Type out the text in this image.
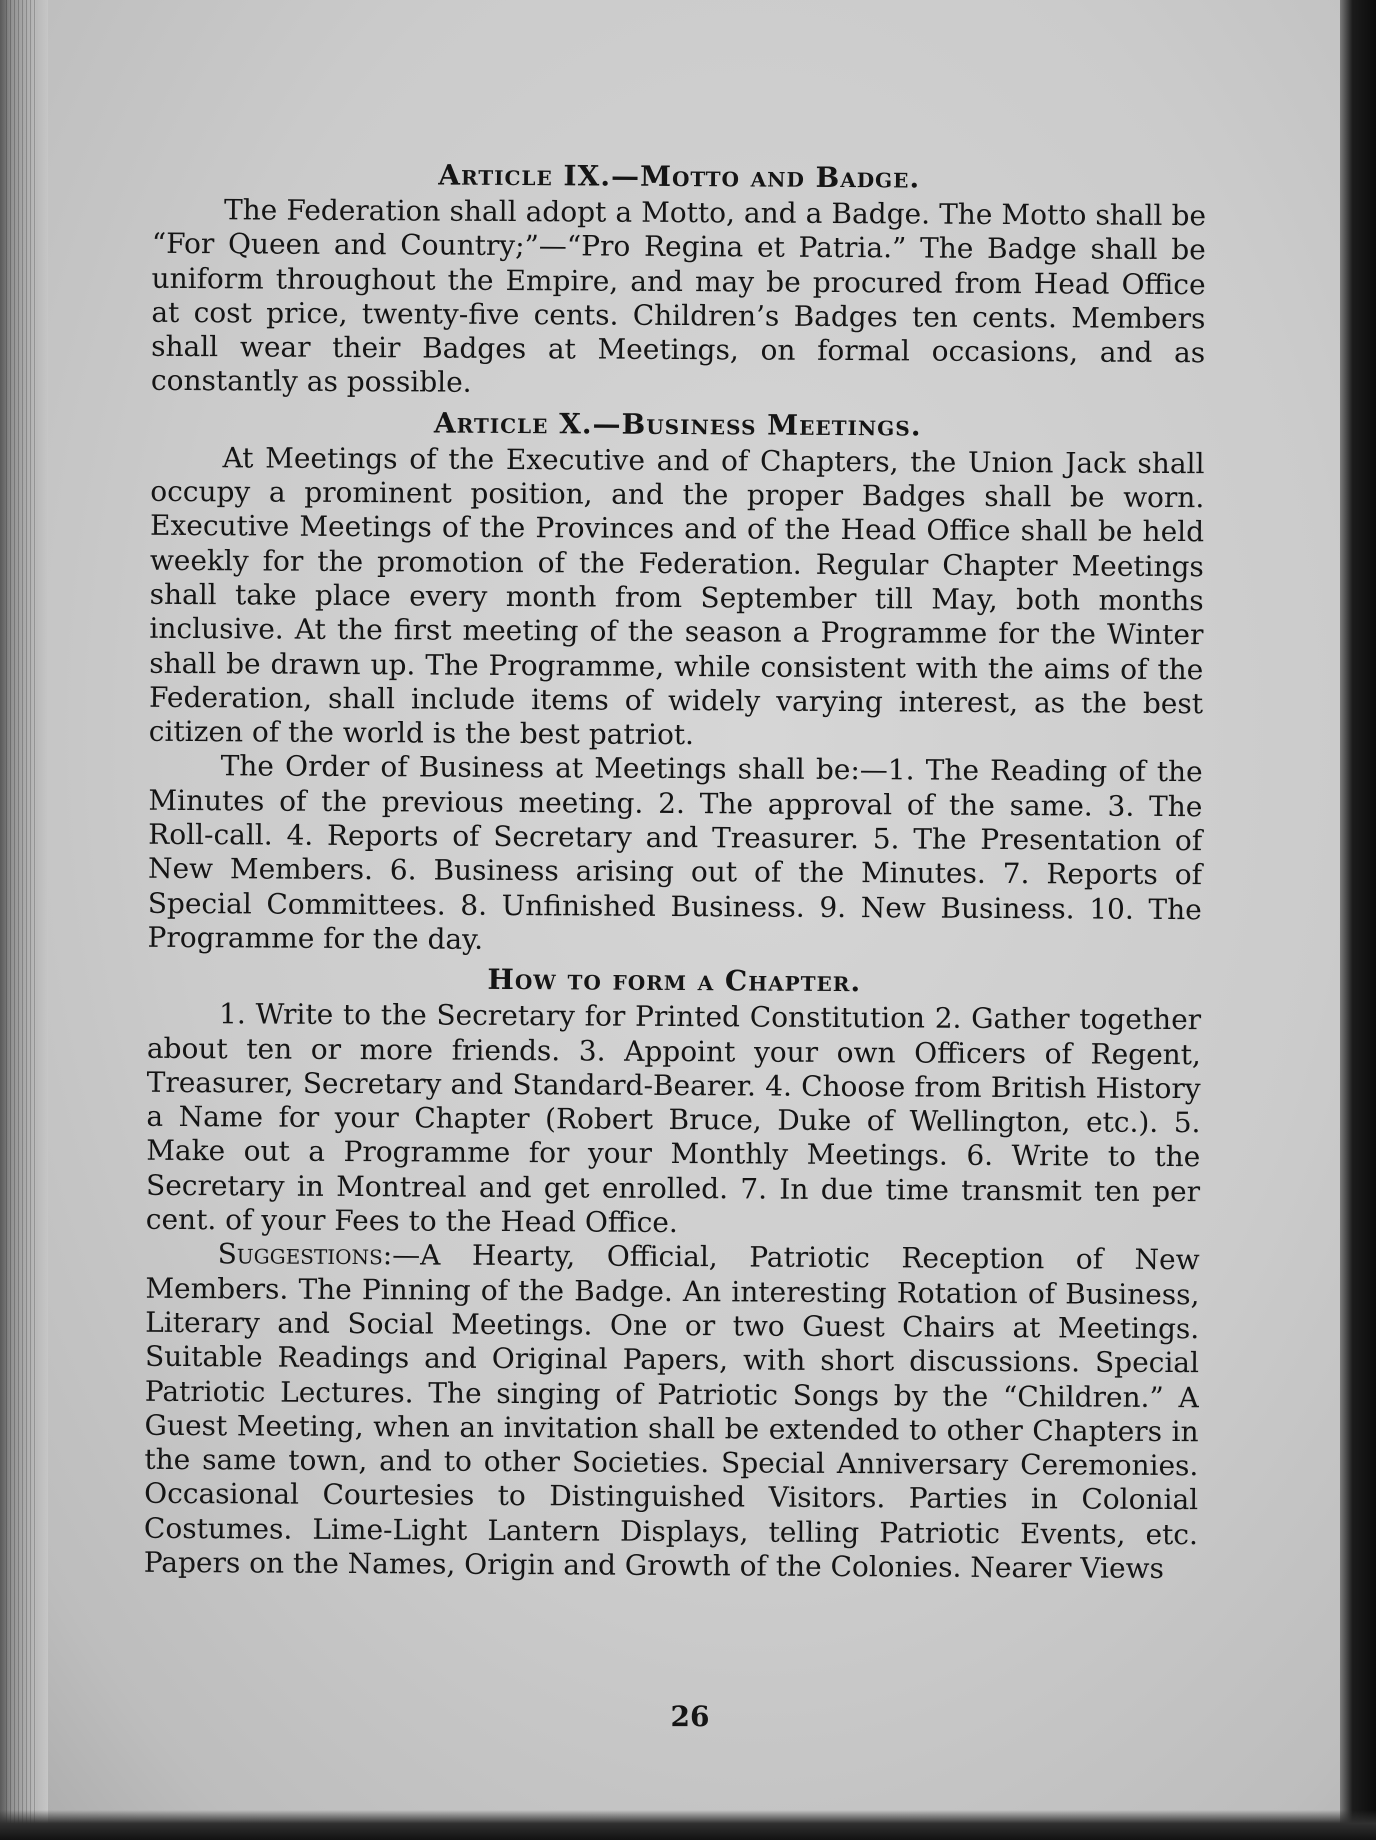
Article IX.—Motto and Badge.

The Federation shall adopt a Motto, and a Badge. The Motto shall be “For Queen and Country;”—“Pro Regina et Patria.” The Badge shall be uniform throughout the Empire, and may be procured from Head Office at cost price, twenty-five cents. Children’s Badges ten cents. Members shall wear their Badges at Meetings, on formal occasions, and as constantly as possible.

Article X.—Business Meetings.

At Meetings of the Executive and of Chapters, the Union Jack shall occupy a prominent position, and the proper Badges shall be worn. Executive Meetings of the Provinces and of the Head Office shall be held weekly for the promotion of the Federation. Regular Chapter Meetings shall take place every month from September till May, both months inclusive. At the first meeting of the season a Programme for the Winter shall be drawn up. The Programme, while consistent with the aims of the Federation, shall include items of widely varying interest, as the best citizen of the world is the best patriot.

The Order of Business at Meetings shall be:—1. The Reading of the Minutes of the previous meeting. 2. The approval of the same. 3. The Roll-call. 4. Reports of Secretary and Treasurer. 5. The Presentation of New Members. 6. Business arising out of the Minutes. 7. Reports of Special Committees. 8. Unfinished Business. 9. New Business. 10. The Programme for the day.

How to form a Chapter.

1. Write to the Secretary for Printed Constitution 2. Gather together about ten or more friends. 3. Appoint your own Officers of Regent, Treasurer, Secretary and Standard-Bearer. 4. Choose from British History a Name for your Chapter (Robert Bruce, Duke of Wellington, etc.). 5. Make out a Programme for your Monthly Meetings. 6. Write to the Secretary in Montreal and get enrolled. 7. In due time transmit ten per cent. of your Fees to the Head Office.

Suggestions:—A Hearty, Official, Patriotic Reception of New Members. The Pinning of the Badge. An interesting Rotation of Business, Literary and Social Meetings. One or two Guest Chairs at Meetings. Suitable Readings and Original Papers, with short discussions. Special Patriotic Lectures. The singing of Patriotic Songs by the “Children.” A Guest Meeting, when an invitation shall be extended to other Chapters in the same town, and to other Societies. Special Anniversary Ceremonies. Occasional Courtesies to Distinguished Visitors. Parties in Colonial Costumes. Lime-Light Lantern Displays, telling Patriotic Events, etc. Papers on the Names, Origin and Growth of the Colonies. Nearer Views

26
